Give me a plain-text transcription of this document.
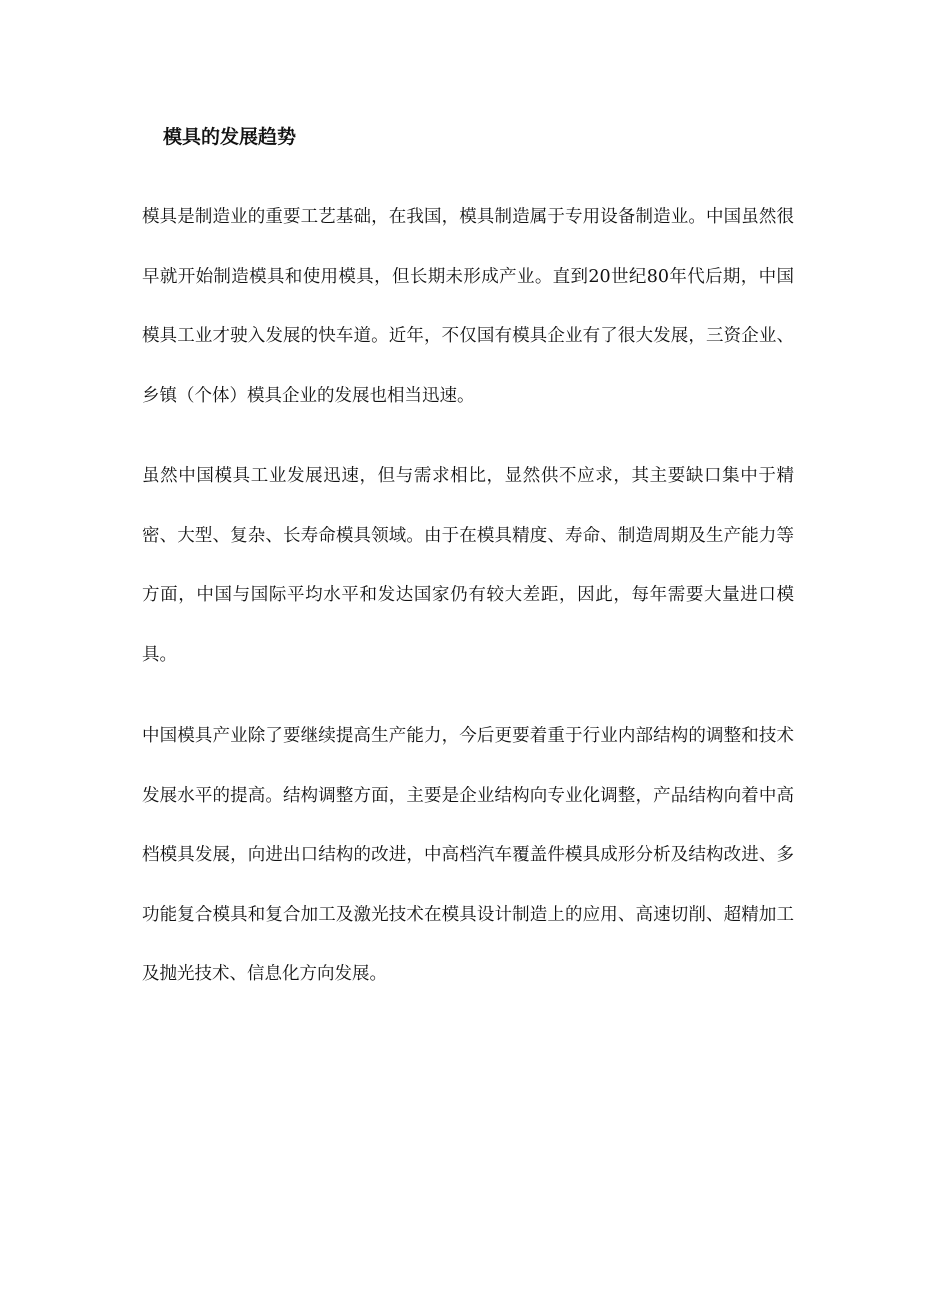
模具的发展趋势

模具是制造业的重要工艺基础，在我国，模具制造属于专用设备制造业。中国虽然很早就开始制造模具和使用模具，但长期未形成产业。直到20世纪80年代后期，中国模具工业才驶入发展的快车道。近年，不仅国有模具企业有了很大发展，三资企业、乡镇（个体）模具企业的发展也相当迅速。

虽然中国模具工业发展迅速，但与需求相比，显然供不应求，其主要缺口集中于精密、大型、复杂、长寿命模具领域。由于在模具精度、寿命、制造周期及生产能力等方面，中国与国际平均水平和发达国家仍有较大差距，因此，每年需要大量进口模具。

中国模具产业除了要继续提高生产能力，今后更要着重于行业内部结构的调整和技术发展水平的提高。结构调整方面，主要是企业结构向专业化调整，产品结构向着中高档模具发展，向进出口结构的改进，中高档汽车覆盖件模具成形分析及结构改进、多功能复合模具和复合加工及激光技术在模具设计制造上的应用、高速切削、超精加工及抛光技术、信息化方向发展。
